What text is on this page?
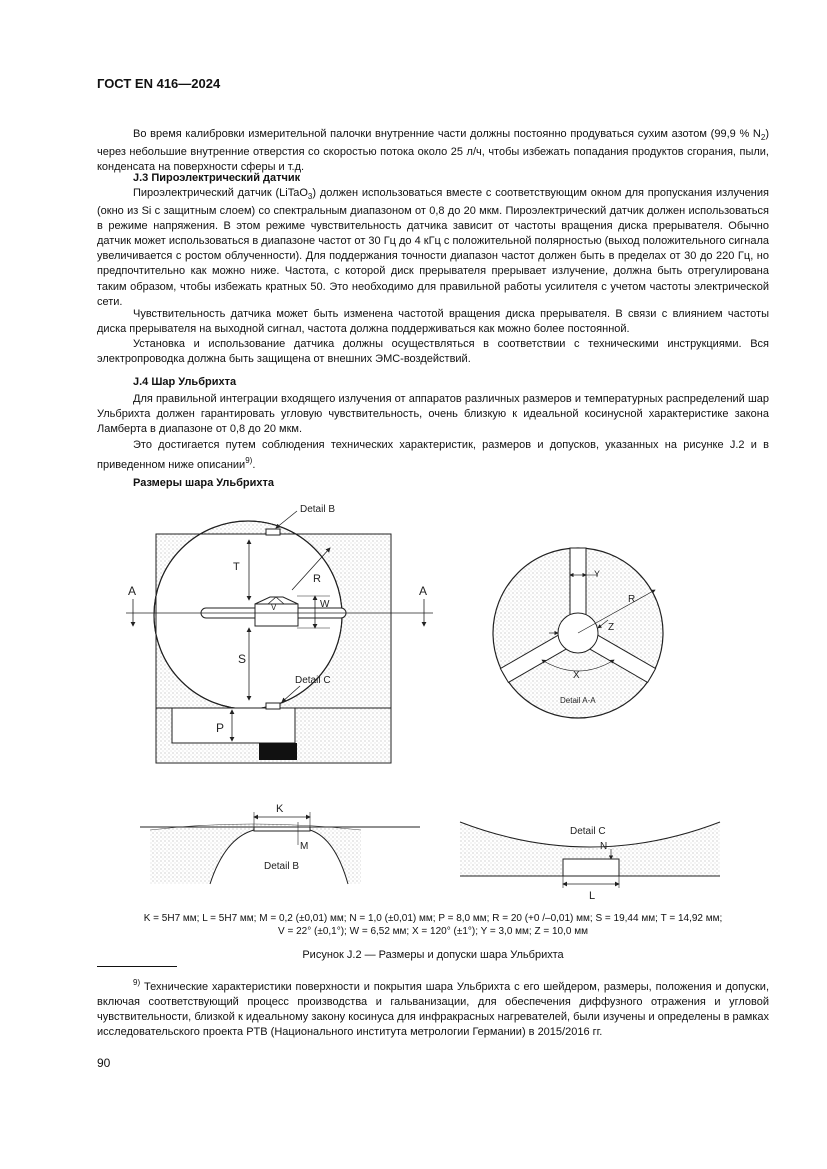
ГОСТ EN 416—2024
Во время калибровки измерительной палочки внутренние части должны постоянно продуваться сухим азотом (99,9 % $N_2$) через небольшие внутренние отверстия со скоростью потока около 25 л/ч, чтобы избежать попадания продуктов сгорания, пыли, конденсата на поверхности сферы и т.д.
J.3 Пироэлектрический датчик
Пироэлектрический датчик (LiTaO$_3$) должен использоваться вместе с соответствующим окном для пропускания излучения (окно из Si с защитным слоем) со спектральным диапазоном от 0,8 до 20 мкм. Пироэлектрический датчик должен использоваться в режиме напряжения. В этом режиме чувствительность датчика зависит от частоты вращения диска прерывателя. Обычно датчик может использоваться в диапазоне частот от 30 Гц до 4 кГц с положительной полярностью (выход положительного сигнала увеличивается с ростом облученности). Для поддержания точности диапазон частот должен быть в пределах от 30 до 220 Гц, но предпочтительно как можно ниже. Частота, с которой диск прерывателя прерывает излучение, должна быть отрегулирована таким образом, чтобы избежать кратных 50. Это необходимо для правильной работы усилителя с учетом частоты электрической сети.
Чувствительность датчика может быть изменена частотой вращения диска прерывателя. В связи с влиянием частоты диска прерывателя на выходной сигнал, частота должна поддерживаться как можно более постоянной.
Установка и использование датчика должны осуществляться в соответствии с техническими инструкциями. Вся электропроводка должна быть защищена от внешних ЭМС-воздействий.
J.4 Шар Ульбрихта
Для правильной интеграции входящего излучения от аппаратов различных размеров и температурных распределений шар Ульбрихта должен гарантировать угловую чувствительность, очень близкую к идеальной косинусной характеристике закона Ламберта в диапазоне от 0,8 до 20 мкм.
Это достигается путем соблюдения технических характеристик, размеров и допусков, указанных на рисунке J.2 и в приведенном ниже описании$^{9)}$.
Размеры шара Ульбрихта
Detail B
A	A
T
R
W
V
S
Detail C
P
Y
R
Z
X
Detail A-A
K
M
Detail B
Detail C
N
L
K = 5H7 мм; L = 5H7 мм; M = 0,2 (±0,01) мм; N = 1,0 (±0,01) мм; P = 8,0 мм; R = 20 (+0 /–0,01) мм; S = 19,44 мм; T = 14,92 мм;
V = 22° (±0,1°); W = 6,52 мм; X = 120° (±1°); Y = 3,0 мм; Z = 10,0 мм
Рисунок J.2 — Размеры и допуски шара Ульбрихта
$^{9)}$ Технические характеристики поверхности и покрытия шара Ульбрихта с его шейдером, размеры, положения и допуски, включая соответствующий процесс производства и гальванизации, для обеспечения диффузного отражения и угловой чувствительности, близкой к идеальному закону косинуса для инфракрасных нагревателей, были изучены и определены в рамках исследовательского проекта PTB (Национального института метрологии Германии) в 2015/2016 гг.
90
